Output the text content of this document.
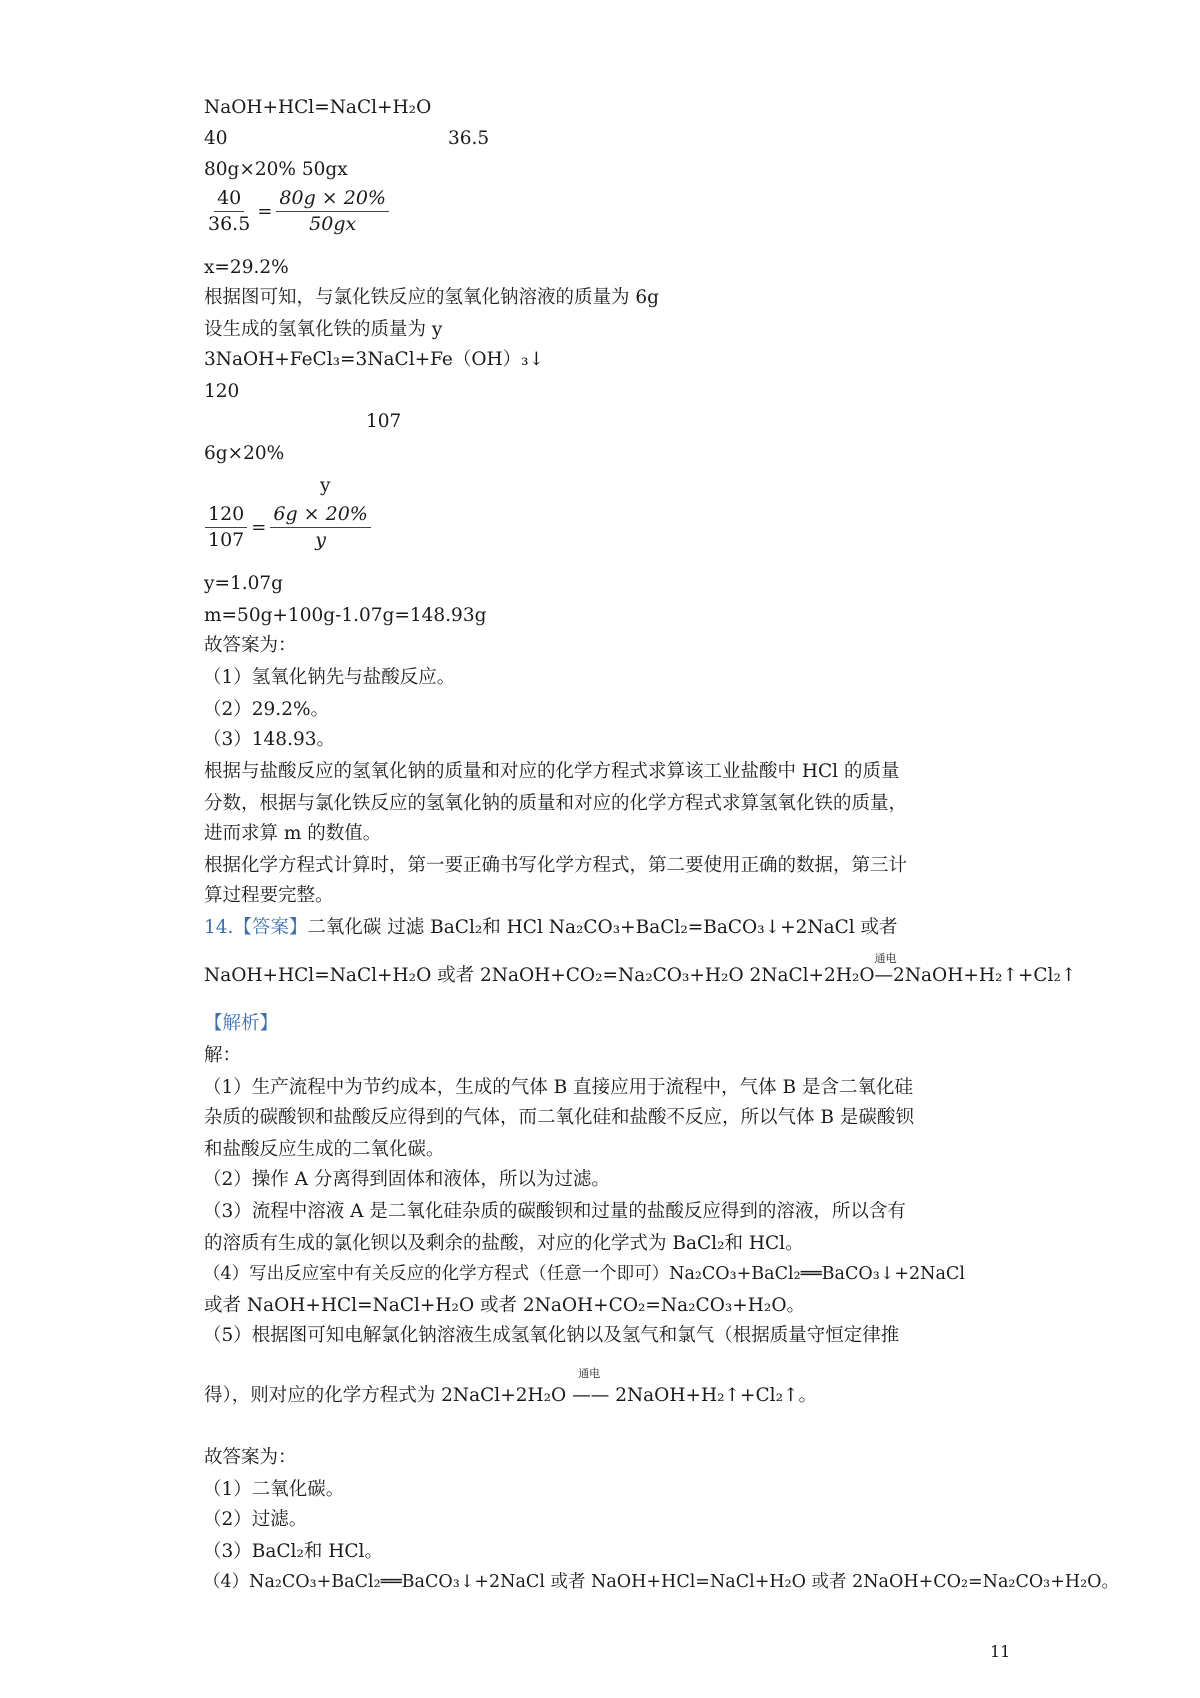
NaOH+HCl=NaCl+H₂O
40	36.5
80g×20% 50gx
$\frac{40}{36.5} = \frac{80g \times 20\%}{50gx}$
x=29.2%
根据图可知，与氯化铁反应的氢氧化钠溶液的质量为 6g
设生成的氢氧化铁的质量为 y
3NaOH+FeCl₃=3NaCl+Fe（OH）₃↓
120
107
6g×20%
y
$\frac{120}{107} = \frac{6g \times 20\%}{y}$
y=1.07g
m=50g+100g-1.07g=148.93g
故答案为：
（1）氢氧化钠先与盐酸反应。
（2）29.2%。
（3）148.93。
根据与盐酸反应的氢氧化钠的质量和对应的化学方程式求算该工业盐酸中 HCl 的质量
分数，根据与氯化铁反应的氢氧化钠的质量和对应的化学方程式求算氢氧化铁的质量，
进而求算 m 的数值。
根据化学方程式计算时，第一要正确书写化学方程式，第二要使用正确的数据，第三计
算过程要完整。
14.【答案】二氧化碳 过滤 BaCl₂和 HCl Na₂CO₃+BaCl₂=BaCO₃↓+2NaCl 或者
NaOH+HCl=NaCl+H₂O 或者 2NaOH+CO₂=Na₂CO₃+H₂O 2NaCl+2H₂O
通电
—2NaOH+H₂↑+Cl₂↑
【解析】
解：
（1）生产流程中为节约成本，生成的气体 B 直接应用于流程中，气体 B 是含二氧化硅
杂质的碳酸钡和盐酸反应得到的气体，而二氧化硅和盐酸不反应，所以气体 B 是碳酸钡
和盐酸反应生成的二氧化碳。
（2）操作 A 分离得到固体和液体，所以为过滤。
（3）流程中溶液 A 是二氧化硅杂质的碳酸钡和过量的盐酸反应得到的溶液，所以含有
的溶质有生成的氯化钡以及剩余的盐酸，对应的化学式为 BaCl₂和 HCl。
（4）写出反应室中有关反应的化学方程式（任意一个即可）Na₂CO₃+BaCl₂══BaCO₃↓+2NaCl
或者 NaOH+HCl=NaCl+H₂O 或者 2NaOH+CO₂=Na₂CO₃+H₂O。
（5）根据图可知电解氯化钠溶液生成氢氧化钠以及氢气和氯气（根据质量守恒定律推
得），则对应的化学方程式为 2NaCl+2H₂O
通电
—— 2NaOH+H₂↑+Cl₂↑。
故答案为：
（1）二氧化碳。
（2）过滤。
（3）BaCl₂和 HCl。
（4）Na₂CO₃+BaCl₂══BaCO₃↓+2NaCl 或者 NaOH+HCl=NaCl+H₂O 或者 2NaOH+CO₂=Na₂CO₃+H₂O。
11
